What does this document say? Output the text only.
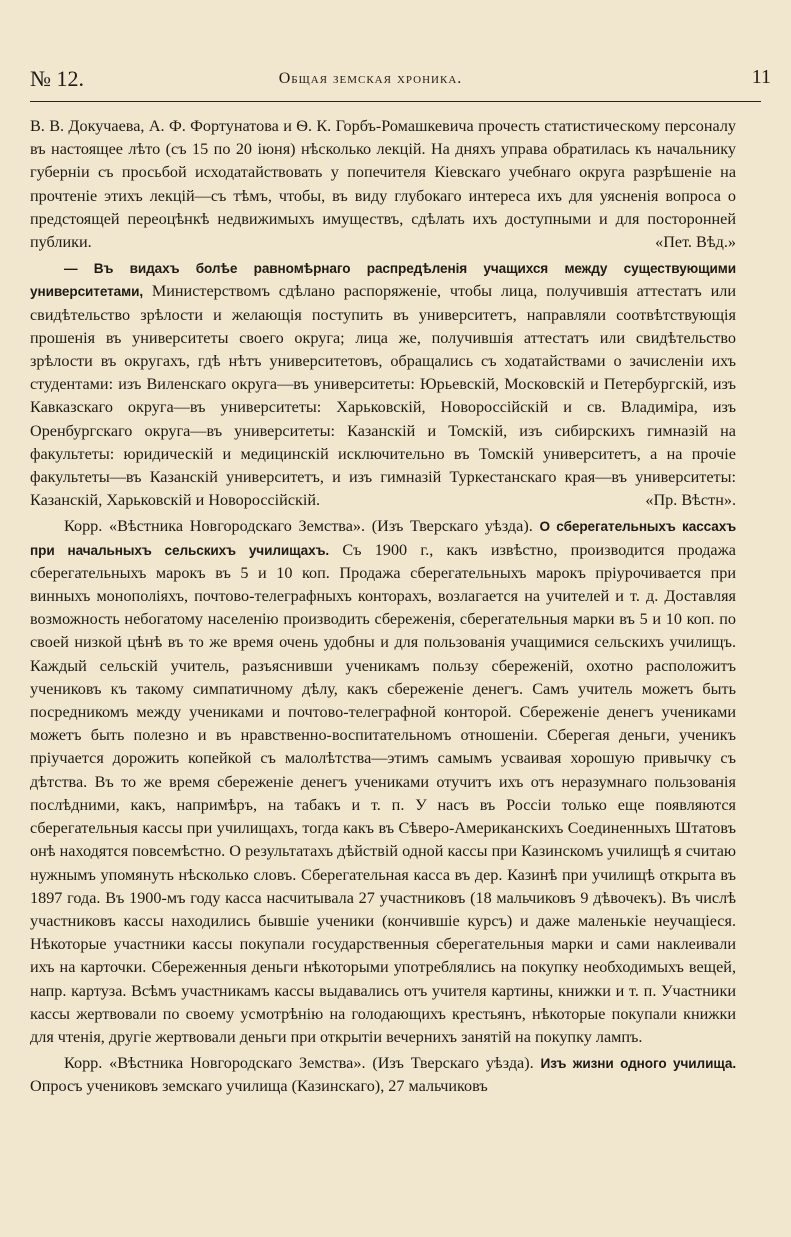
№ 12.	Общая земская хроника.	11

В. В. Докучаева, А. Ф. Фортунатова и Ѳ. К. Горбъ-Ромашкевича прочесть статистическому персоналу въ настоящее лѣто (съ 15 по 20 іюня) нѣсколько лекцій. На дняхъ управа обратилась къ начальнику губерніи съ просьбой исходатайствовать у попечителя Кіевскаго учебнаго округа разрѣшеніе на прочтеніе этихъ лекцій—съ тѣмъ, чтобы, въ виду глубокаго интереса ихъ для уясненія вопроса о предстоящей переоцѣнкѣ недвижимыхъ имуществъ, сдѣлать ихъ доступными и для посторонней публики.	«Пет. Вѣд.»

— Въ видахъ болѣе равномѣрнаго распредѣленія учащихся между существующими университетами, Министерствомъ сдѣлано распоряженіе, чтобы лица, получившія аттестатъ или свидѣтельство зрѣлости и желающія поступить въ университетъ, направляли соотвѣтствующія прошенія въ университеты своего округа; лица же, получившія аттестатъ или свидѣтельство зрѣлости въ округахъ, гдѣ нѣтъ университетовъ, обращались съ ходатайствами о зачисленіи ихъ студентами: изъ Виленскаго округа—въ университеты: Юрьевскій, Московскій и Петербургскій, изъ Кавказскаго округа—въ университеты: Харьковскій, Новороссійскій и св. Владиміра, изъ Оренбургскаго округа—въ университеты: Казанскій и Томскій, изъ сибирскихъ гимназій на факультеты: юридическій и медицинскій исключительно въ Томскій университетъ, а на прочіе факультеты—въ Казанскій университетъ, и изъ гимназій Туркестанскаго края—въ университеты: Казанскій, Харьковскій и Новороссійскій.	«Пр. Вѣстн».

Корр. «Вѣстника Новгородскаго Земства». (Изъ Тверскаго уѣзда). О сберегательныхъ кассахъ при начальныхъ сельскихъ училищахъ. Съ 1900 г., какъ извѣстно, производится продажа сберегательныхъ марокъ въ 5 и 10 коп. Продажа сберегательныхъ марокъ пріурочивается при винныхъ монополіяхъ, почтово-телеграфныхъ конторахъ, возлагается на учителей и т. д. Доставляя возможность небогатому населенію производить сбереженія, сберегательныя марки въ 5 и 10 коп. по своей низкой цѣнѣ въ то же время очень удобны и для пользованія учащимися сельскихъ училищъ. Каждый сельскій учитель, разъяснивши ученикамъ пользу сбереженій, охотно расположитъ учениковъ къ такому симпатичному дѣлу, какъ сбереженіе денегъ. Самъ учитель можетъ быть посредникомъ между учениками и почтово-телеграфной конторой. Сбереженіе денегъ учениками можетъ быть полезно и въ нравственно-воспитательномъ отношеніи. Сберегая деньги, ученикъ пріучается дорожить копейкой съ малолѣтства—этимъ самымъ усваивая хорошую привычку съ дѣтства. Въ то же время сбереженіе денегъ учениками отучитъ ихъ отъ неразумнаго пользованія послѣдними, какъ, напримѣръ, на табакъ и т. п. У насъ въ Россіи только еще появляются сберегательныя кассы при училищахъ, тогда какъ въ Сѣверо-Американскихъ Соединенныхъ Штатовъ онѣ находятся повсемѣстно. О результатахъ дѣйствій одной кассы при Казинскомъ училищѣ я считаю нужнымъ упомянуть нѣсколько словъ. Сберегательная касса въ дер. Казинѣ при училищѣ открыта въ 1897 года. Въ 1900-мъ году касса насчитывала 27 участниковъ (18 мальчиковъ 9 дѣвочекъ). Въ числѣ участниковъ кассы находились бывшіе ученики (кончившіе курсъ) и даже маленькіе неучащіеся. Нѣкоторые участники кассы покупали государственныя сберегательныя марки и сами наклеивали ихъ на карточки. Сбереженныя деньги нѣкоторыми употреблялись на покупку необходимыхъ вещей, напр. картуза. Всѣмъ участникамъ кассы выдавались отъ учителя картины, книжки и т. п. Участники кассы жертвовали по своему усмотрѣнію на голодающихъ крестьянъ, нѣкоторые покупали книжки для чтенія, другіе жертвовали деньги при открытіи вечернихъ занятій на покупку лампъ.

Корр. «Вѣстника Новгородскаго Земства». (Изъ Тверскаго уѣзда). Изъ жизни одного училища. Опросъ учениковъ земскаго училища (Казинскаго), 27 мальчиковъ
